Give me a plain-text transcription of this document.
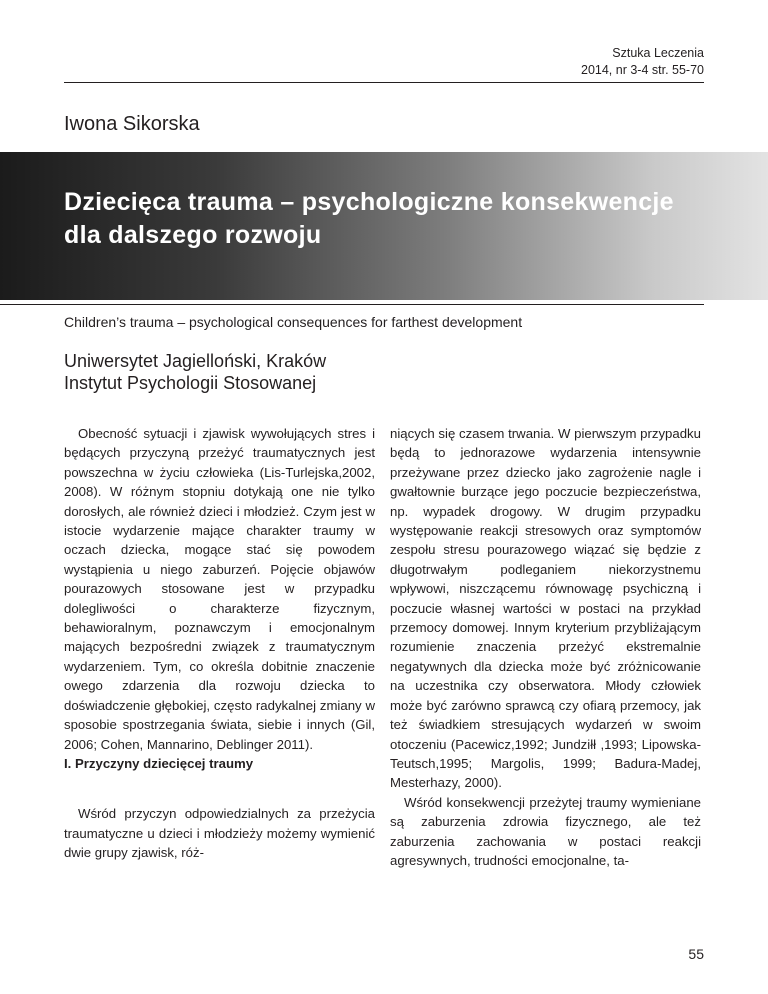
Sztuka Leczenia
2014, nr 3-4 str. 55-70
Iwona Sikorska
Dziecięca trauma – psychologiczne konsekwencje
dla dalszego rozwoju
Children’s trauma – psychological consequences for farthest development
Uniwersytet Jagielloński, Kraków
Instytut Psychologii Stosowanej

Obecność sytuacji i zjawisk wywołujących stres i będących przyczyną przeżyć traumatycznych jest powszechna w życiu człowieka (Lis-Turlejska,2002, 2008). W różnym stopniu dotykają one nie tylko dorosłych, ale również dzieci i młodzież. Czym jest w istocie wydarzenie mające charakter traumy w oczach dziecka, mogące stać się powodem wystąpienia u niego zaburzeń. Pojęcie objawów pourazowych stosowane jest w przypadku dolegliwości o charakterze fizycznym, behawioralnym, poznawczym i emocjonalnym mających bezpośredni związek z traumatycznym wydarzeniem. Tym, co określa dobitnie znaczenie owego zdarzenia dla rozwoju dziecka to doświadczenie głębokiej, często radykalnej zmiany w sposobie spostrzegania świata, siebie i innych (Gil, 2006; Cohen, Mannarino, Deblinger 2011).

I. Przyczyny dziecięcej traumy

Wśród przyczyn odpowiedzialnych za przeżycia traumatyczne u dzieci i młodzieży możemy wymienić dwie grupy zjawisk, róż-

niących się czasem trwania. W pierwszym przypadku będą to jednorazowe wydarzenia intensywnie przeżywane przez dziecko jako zagrożenie nagle i gwałtownie burzące jego poczucie bezpieczeństwa, np. wypadek drogowy. W drugim przypadku występowanie reakcji stresowych oraz symptomów zespołu stresu pourazowego wiązać się będzie z długotrwałym podleganiem niekorzystnemu wpływowi, niszczącemu równowagę psychiczną i poczucie własnej wartości w postaci na przykład przemocy domowej. Innym kryterium przybliżającym rozumienie znaczenia przeżyć ekstremalnie negatywnych dla dziecka może być zróżnicowanie na uczestnika czy obserwatora. Młody człowiek może być zarówno sprawcą czy ofiarą przemocy, jak też świadkiem stresujących wydarzeń w swoim otoczeniu (Pacewicz,1992; Jundziłł ,1993; Lipowska-Teutsch,1995; Margolis, 1999; Badura-Madej, Mesterhazy, 2000).

Wśród konsekwencji przeżytej traumy wymieniane są zaburzenia zdrowia fizycznego, ale też zaburzenia zachowania w postaci reakcji agresywnych, trudności emocjonalne, ta-

55
